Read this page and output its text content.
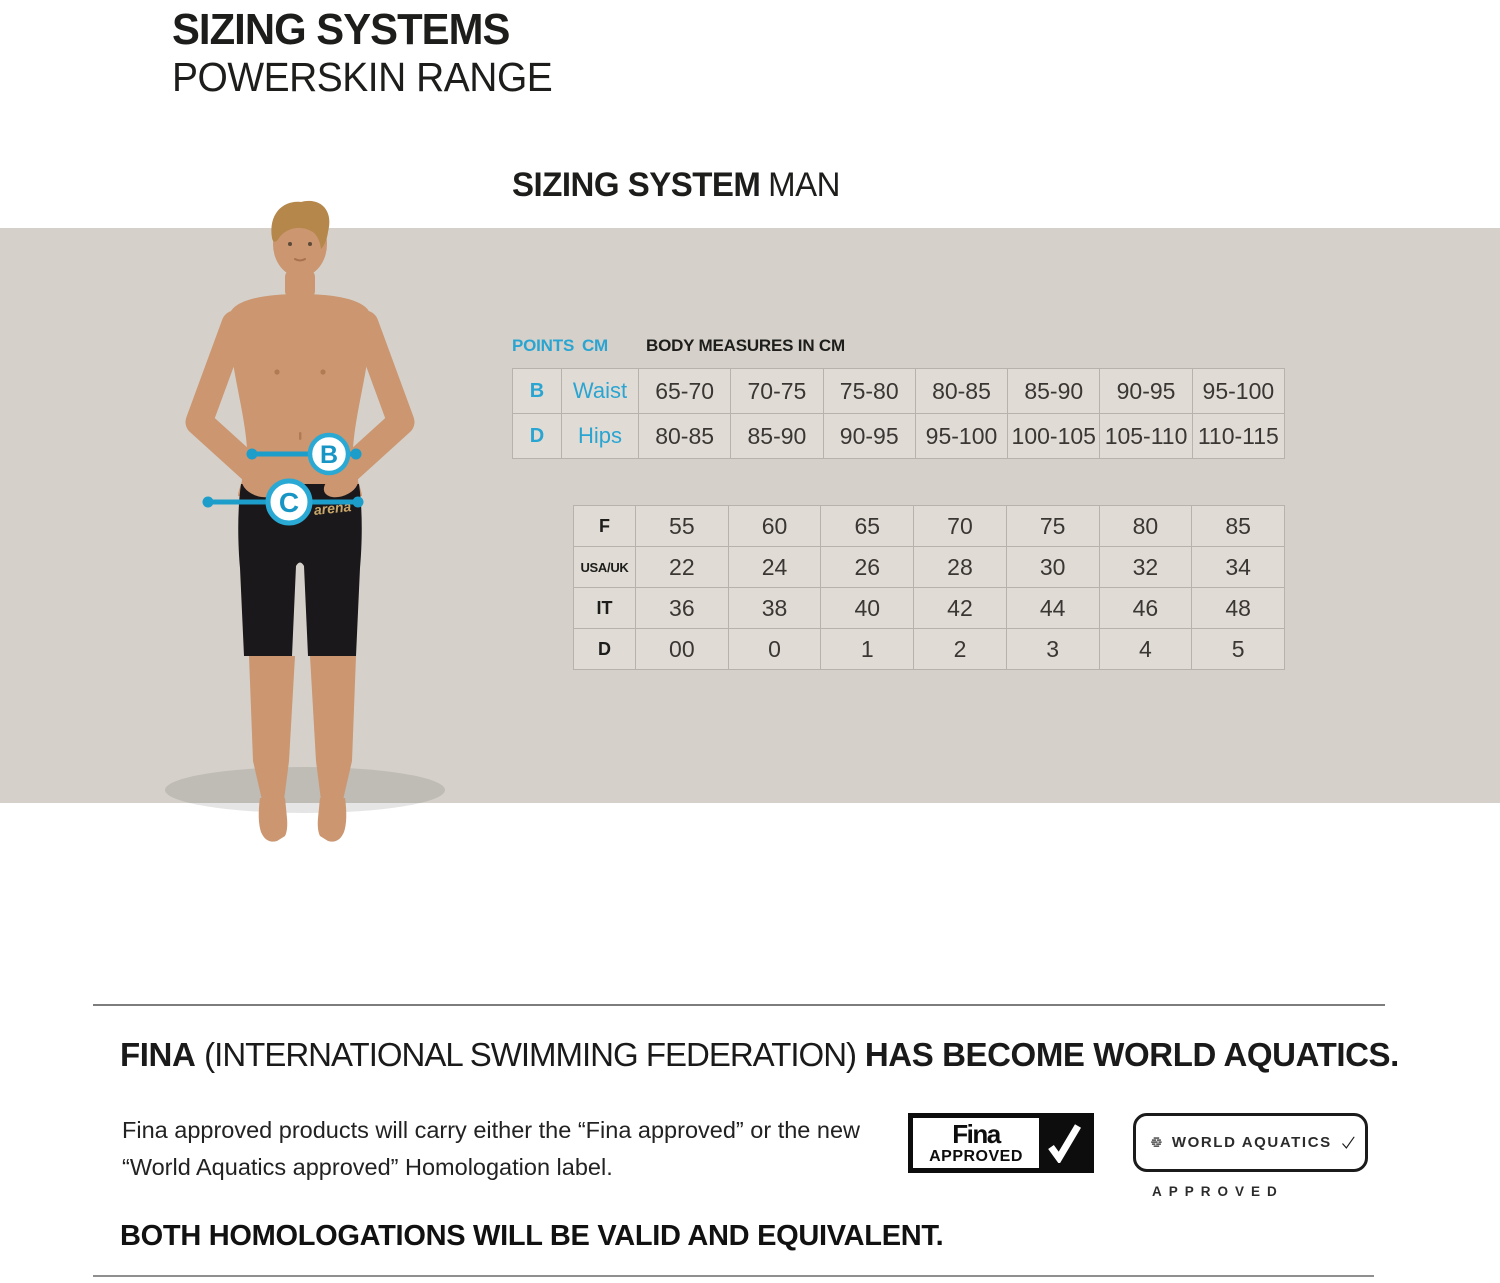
SIZING SYSTEMS
POWERSKIN RANGE
SIZING SYSTEM MAN
arena
B
C
POINTS CM	BODY MEASURES IN CM
B	Waist	65-70	70-75	75-80	80-85	85-90	90-95	95-100
D	Hips	80-85	85-90	90-95	95-100	100-105	105-110	110-115
F	55	60	65	70	75	80	85
USA/UK	22	24	26	28	30	32	34
IT	36	38	40	42	44	46	48
D	00	0	1	2	3	4	5
FINA (INTERNATIONAL SWIMMING FEDERATION) HAS BECOME WORLD AQUATICS.
Fina approved products will carry either the “Fina approved” or the new
“World Aquatics approved” Homologation label.
Fina
APPROVED
WORLD AQUATICS
APPROVED
BOTH HOMOLOGATIONS WILL BE VALID AND EQUIVALENT.
